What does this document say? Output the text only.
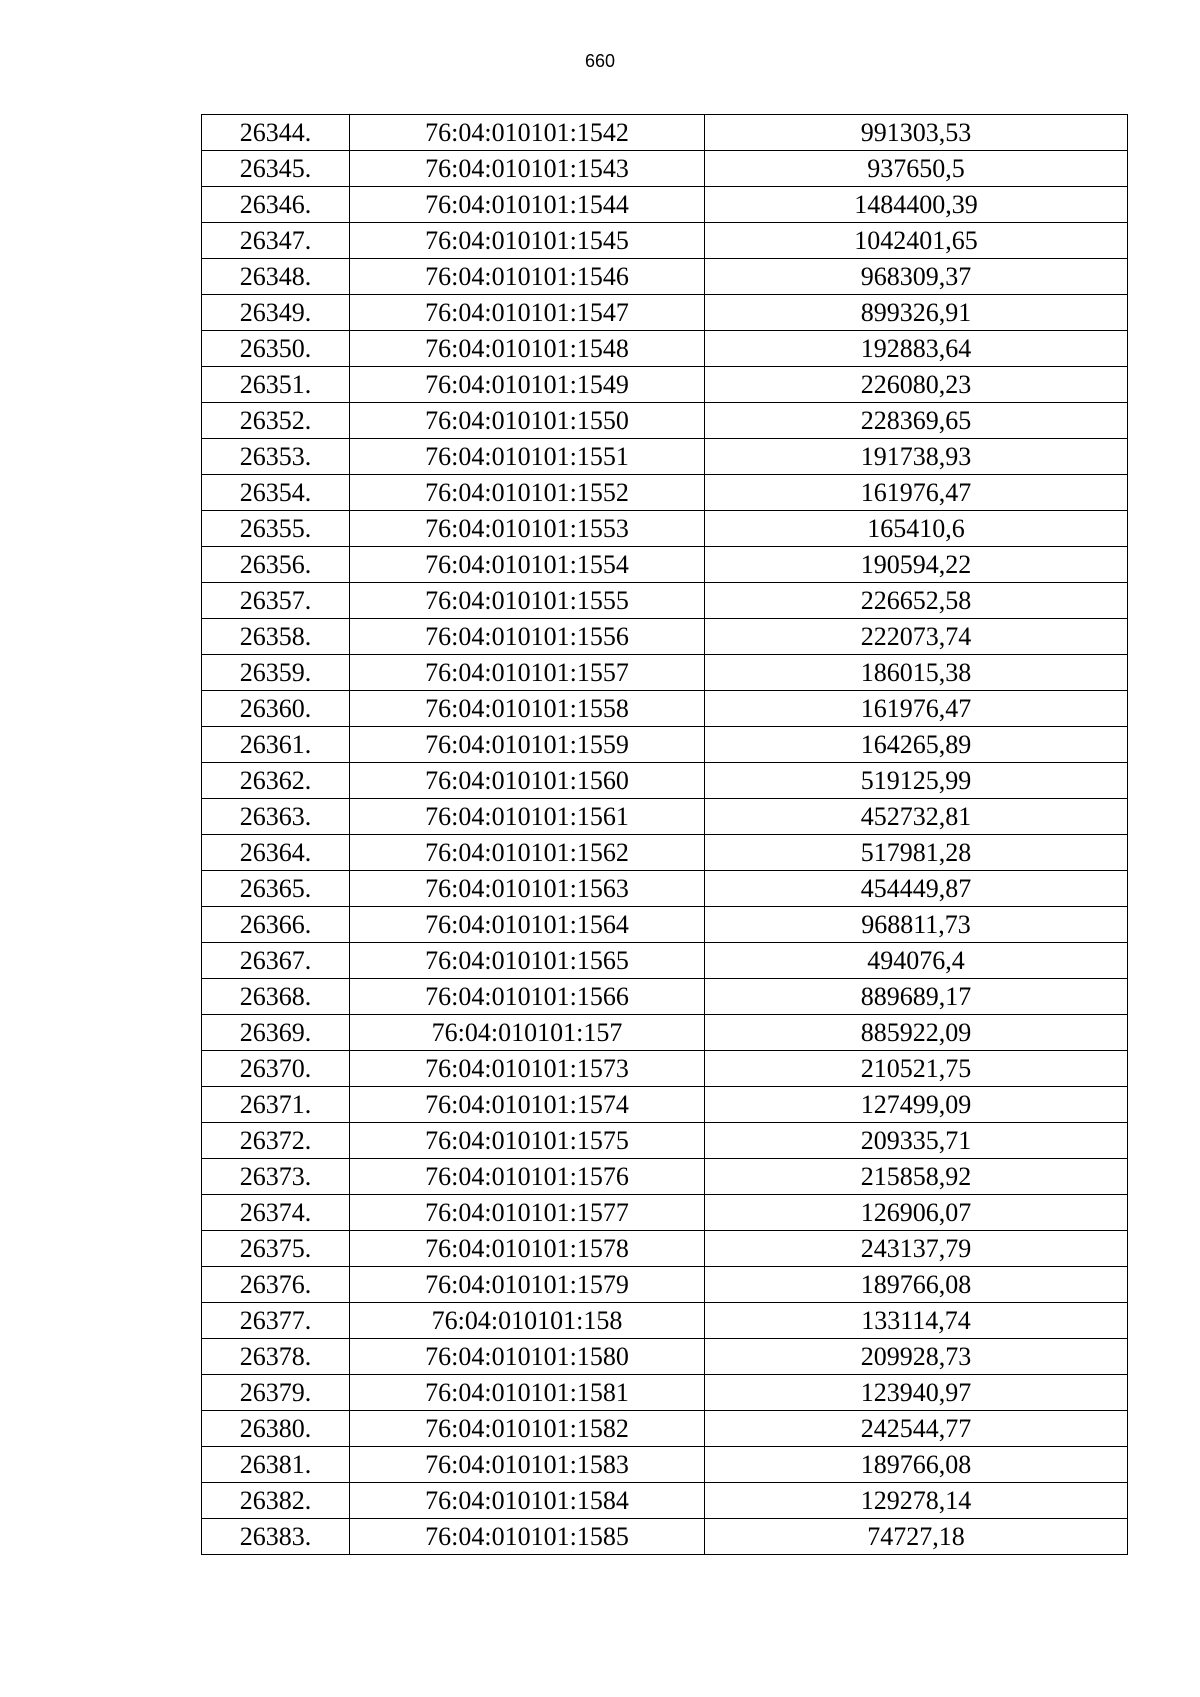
660
26344.	76:04:010101:1542	991303,53
26345.	76:04:010101:1543	937650,5
26346.	76:04:010101:1544	1484400,39
26347.	76:04:010101:1545	1042401,65
26348.	76:04:010101:1546	968309,37
26349.	76:04:010101:1547	899326,91
26350.	76:04:010101:1548	192883,64
26351.	76:04:010101:1549	226080,23
26352.	76:04:010101:1550	228369,65
26353.	76:04:010101:1551	191738,93
26354.	76:04:010101:1552	161976,47
26355.	76:04:010101:1553	165410,6
26356.	76:04:010101:1554	190594,22
26357.	76:04:010101:1555	226652,58
26358.	76:04:010101:1556	222073,74
26359.	76:04:010101:1557	186015,38
26360.	76:04:010101:1558	161976,47
26361.	76:04:010101:1559	164265,89
26362.	76:04:010101:1560	519125,99
26363.	76:04:010101:1561	452732,81
26364.	76:04:010101:1562	517981,28
26365.	76:04:010101:1563	454449,87
26366.	76:04:010101:1564	968811,73
26367.	76:04:010101:1565	494076,4
26368.	76:04:010101:1566	889689,17
26369.	76:04:010101:157	885922,09
26370.	76:04:010101:1573	210521,75
26371.	76:04:010101:1574	127499,09
26372.	76:04:010101:1575	209335,71
26373.	76:04:010101:1576	215858,92
26374.	76:04:010101:1577	126906,07
26375.	76:04:010101:1578	243137,79
26376.	76:04:010101:1579	189766,08
26377.	76:04:010101:158	133114,74
26378.	76:04:010101:1580	209928,73
26379.	76:04:010101:1581	123940,97
26380.	76:04:010101:1582	242544,77
26381.	76:04:010101:1583	189766,08
26382.	76:04:010101:1584	129278,14
26383.	76:04:010101:1585	74727,18
